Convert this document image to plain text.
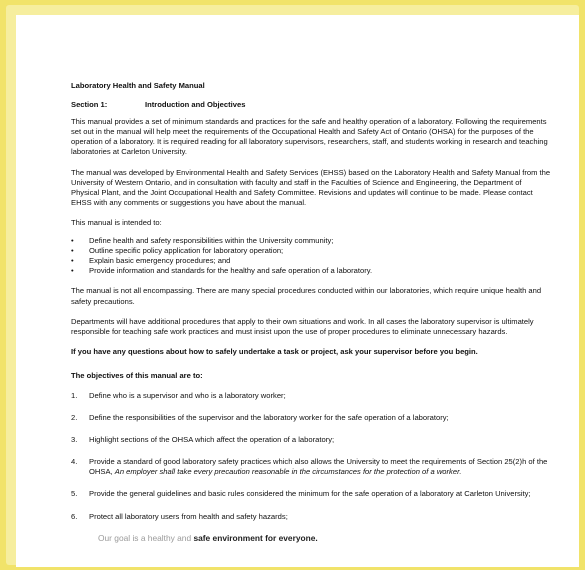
Laboratory Health and Safety Manual

Section 1:	Introduction and Objectives

This manual provides a set of minimum standards and practices for the safe and healthy operation of a laboratory. Following the requirements set out in the manual will help meet the requirements of the Occupational Health and Safety Act of Ontario (OHSA) for the purposes of the operation of a laboratory. It is required reading for all laboratory supervisors, researchers, staff, and students working in research and teaching laboratories at Carleton University.

The manual was developed by Environmental Health and Safety Services (EHSS) based on the Laboratory Health and Safety Manual from the University of Western Ontario, and in consultation with faculty and staff in the Faculties of Science and Engineering, the Department of Physical Plant, and the Joint Occupational Health and Safety Committee. Revisions and updates will continue to be made. Please contact EHSS with any comments or suggestions you have about the manual.

This manual is intended to:

•	Define health and safety responsibilities within the University community;
•	Outline specific policy application for laboratory operation;
•	Explain basic emergency procedures; and
•	Provide information and standards for the healthy and safe operation of a laboratory.

The manual is not all encompassing. There are many special procedures conducted within our laboratories, which require unique health and safety precautions.

Departments will have additional procedures that apply to their own situations and work. In all cases the laboratory supervisor is ultimately responsible for teaching safe work practices and must insist upon the use of proper procedures to eliminate unnecessary hazards.

If you have any questions about how to safely undertake a task or project, ask your supervisor before you begin.

The objectives of this manual are to:

1.	Define who is a supervisor and who is a laboratory worker;
2.	Define the responsibilities of the supervisor and the laboratory worker for the safe operation of a laboratory;
3.	Highlight sections of the OHSA which affect the operation of a laboratory;
4.	Provide a standard of good laboratory safety practices which also allows the University to meet the requirements of Section 25(2)h of the OHSA, An employer shall take every precaution reasonable in the circumstances for the protection of a worker.
5.	Provide the general guidelines and basic rules considered the minimum for the safe operation of a laboratory at Carleton University;
6.	Protect all laboratory users from health and safety hazards;

Our goal is a healthy and safe environment for everyone.
